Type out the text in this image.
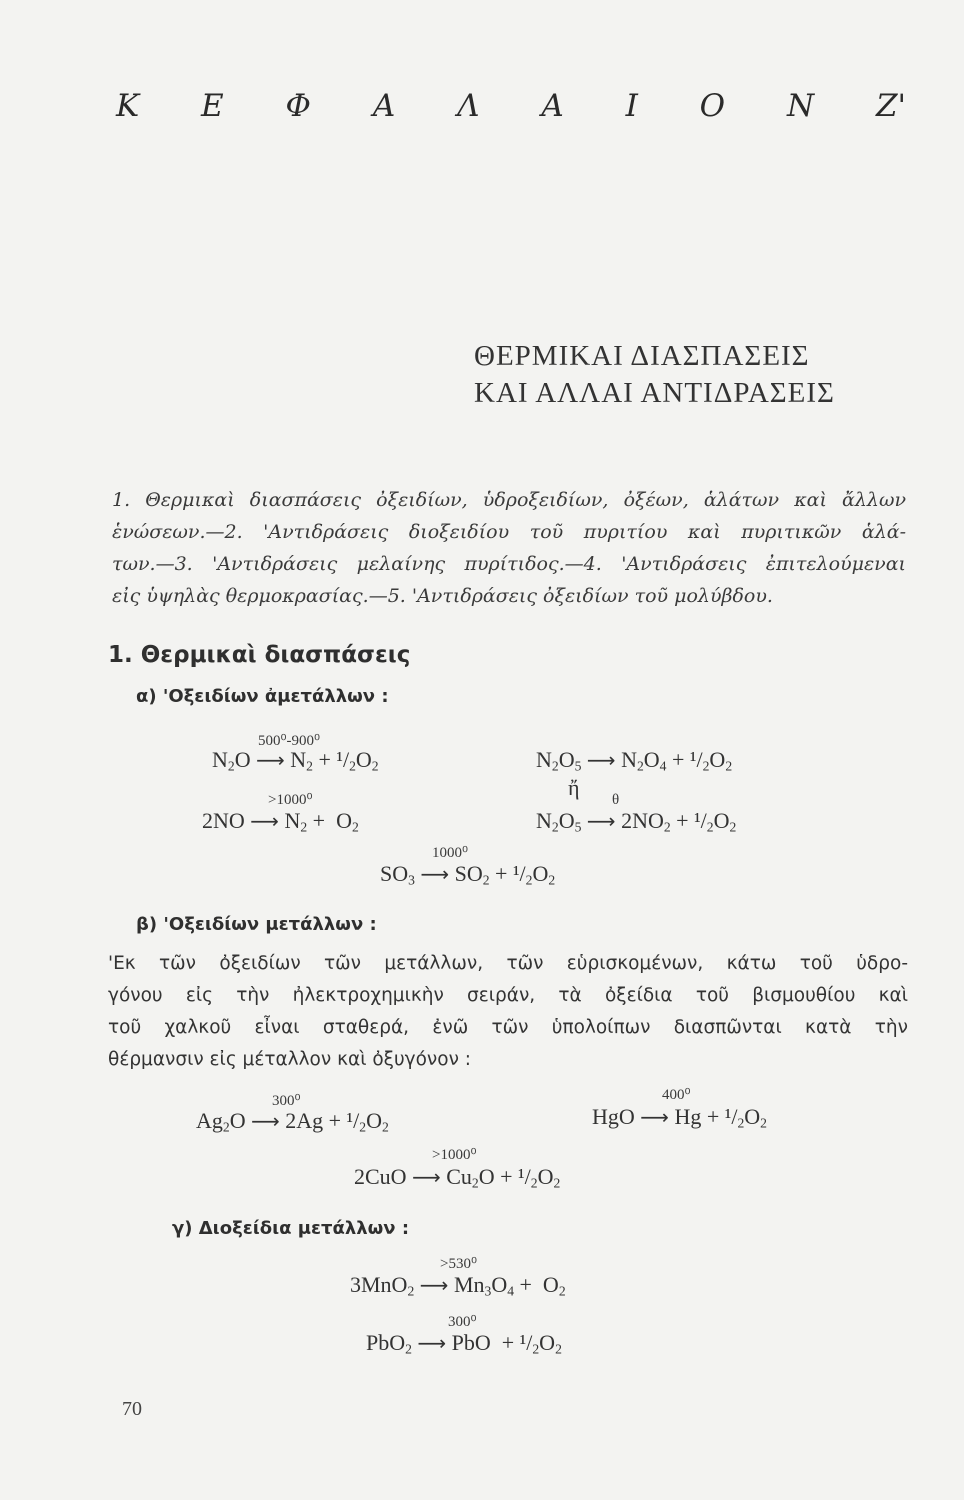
Κ Ε Φ Α Λ Α Ι Ο Ν Ζ'
ΘΕΡΜΙΚΑΙ ΔΙΑΣΠΑΣΕΙΣ
ΚΑΙ ΑΛΛΑΙ ΑΝΤΙΔΡΑΣΕΙΣ
1. Θερμικαὶ διασπάσεις ὀξειδίων, ὑδροξειδίων, ὀξέων, ἁλάτων καὶ ἄλλων
ἑνώσεων.—2. 'Αντιδράσεις διοξειδίου τοῦ πυριτίου καὶ πυριτικῶν ἁλά-
των.—3. 'Αντιδράσεις μελαίνης πυρίτιδος.—4. 'Αντιδράσεις ἐπιτελούμεναι
εἰς ὑψηλὰς θερμοκρασίας.—5. 'Αντιδράσεις ὀξειδίων τοῦ μολύβδου.
1. Θερμικαὶ διασπάσεις
α) 'Οξειδίων ἀμετάλλων :
500⁰-900⁰
$N_2O$ ⟶ $N_2 + ^1/_2O_2$	$N_2O_5$ ⟶ $N_2O_4 + ^1/_2O_2$
ἤ
>1000⁰	θ
2NO ⟶ $N_2 + O_2$	$N_2O_5$ ⟶ $2NO_2 + ^1/_2O_2$
1000⁰
$SO_3$ ⟶ $SO_2 + ^1/_2O_2$
β) 'Οξειδίων μετάλλων :
'Εκ τῶν ὀξειδίων τῶν μετάλλων, τῶν εὑρισκομένων, κάτω τοῦ ὑδρο-
γόνου εἰς τὴν ἠλεκτροχημικὴν σειράν, τὰ ὀξείδια τοῦ βισμουθίου καὶ
τοῦ χαλκοῦ εἶναι σταθερά, ἐνῶ τῶν ὑπολοίπων διασπῶνται κατὰ τὴν
θέρμανσιν εἰς μέταλλον καὶ ὀξυγόνον :
300⁰	400⁰
$Ag_2O$ ⟶ $2Ag + ^1/_2O_2$	HgO ⟶ $Hg + ^1/_2O_2$
>1000⁰
2CuO ⟶ $Cu_2O + ^1/_2O_2$
γ) Διοξείδια μετάλλων :
>530⁰
3MnO$_2$ ⟶ $Mn_3O_4 + O_2$
300⁰
PbO$_2$ ⟶ PbO  + $^1/_2O_2$
70
